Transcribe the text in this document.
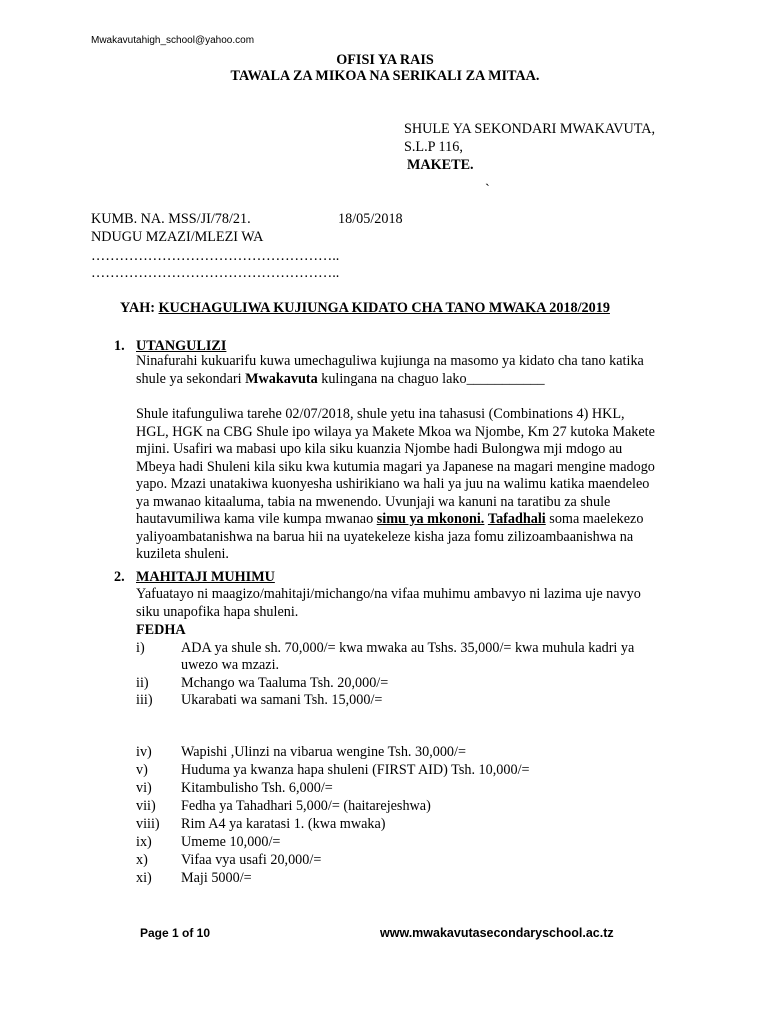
Mwakavutahigh_school@yahoo.com
OFISI YA RAIS
TAWALA ZA MIKOA NA SERIKALI ZA MITAA.
SHULE YA SEKONDARI MWAKAVUTA,
S.L.P 116,
MAKETE.
`
KUMB. NA. MSS/JI/78/21.	18/05/2018
NDUGU MZAZI/MLEZI WA
……………………………………………..
……………………………………………..
YAH: KUCHAGULIWA KUJIUNGA KIDATO CHA TANO MWAKA 2018/2019
1. UTANGULIZI
Ninafurahi kukuarifu kuwa umechaguliwa kujiunga na masomo ya kidato cha tano katika shule ya sekondari Mwakavuta kulingana na chaguo lako___________
Shule itafunguliwa tarehe 02/07/2018, shule yetu ina tahasusi (Combinations 4) HKL, HGL, HGK na CBG Shule ipo wilaya ya Makete Mkoa wa Njombe, Km 27 kutoka Makete mjini. Usafiri wa mabasi upo kila siku kuanzia Njombe hadi Bulongwa mji mdogo au Mbeya hadi Shuleni kila siku kwa kutumia magari ya Japanese na magari mengine madogo yapo. Mzazi unatakiwa kuonyesha ushirikiano wa hali ya juu na walimu katika maendeleo ya mwanao kitaaluma, tabia na mwenendo. Uvunjaji wa kanuni na taratibu za shule hautavumiliwa kama vile kumpa mwanao simu ya mkononi. Tafadhali soma maelekezo yaliyoambatanishwa na barua hii na uyatekeleze kisha jaza fomu zilizoambaanishwa na kuzileta shuleni.
2. MAHITAJI MUHIMU
Yafuatayo ni maagizo/mahitaji/michango/na vifaa muhimu ambavyo ni lazima uje navyo siku unapofika hapa shuleni.
FEDHA
i)	ADA ya shule sh. 70,000/= kwa mwaka au Tshs. 35,000/= kwa muhula kadri ya uwezo wa mzazi.
ii) Mchango wa Taaluma Tsh. 20,000/=
iii) Ukarabati wa samani Tsh. 15,000/=
iv) Wapishi ,Ulinzi na vibarua wengine Tsh. 30,000/=
v) Huduma ya kwanza hapa shuleni (FIRST AID) Tsh. 10,000/=
vi) Kitambulisho Tsh. 6,000/=
vii) Fedha ya Tahadhari 5,000/= (haitarejeshwa)
viii) Rim A4 ya karatasi 1. (kwa mwaka)
ix) Umeme 10,000/=
x) Vifaa vya usafi 20,000/=
xi) Maji 5000/=
Page 1 of 10	www.mwakavutasecondaryschool.ac.tz
